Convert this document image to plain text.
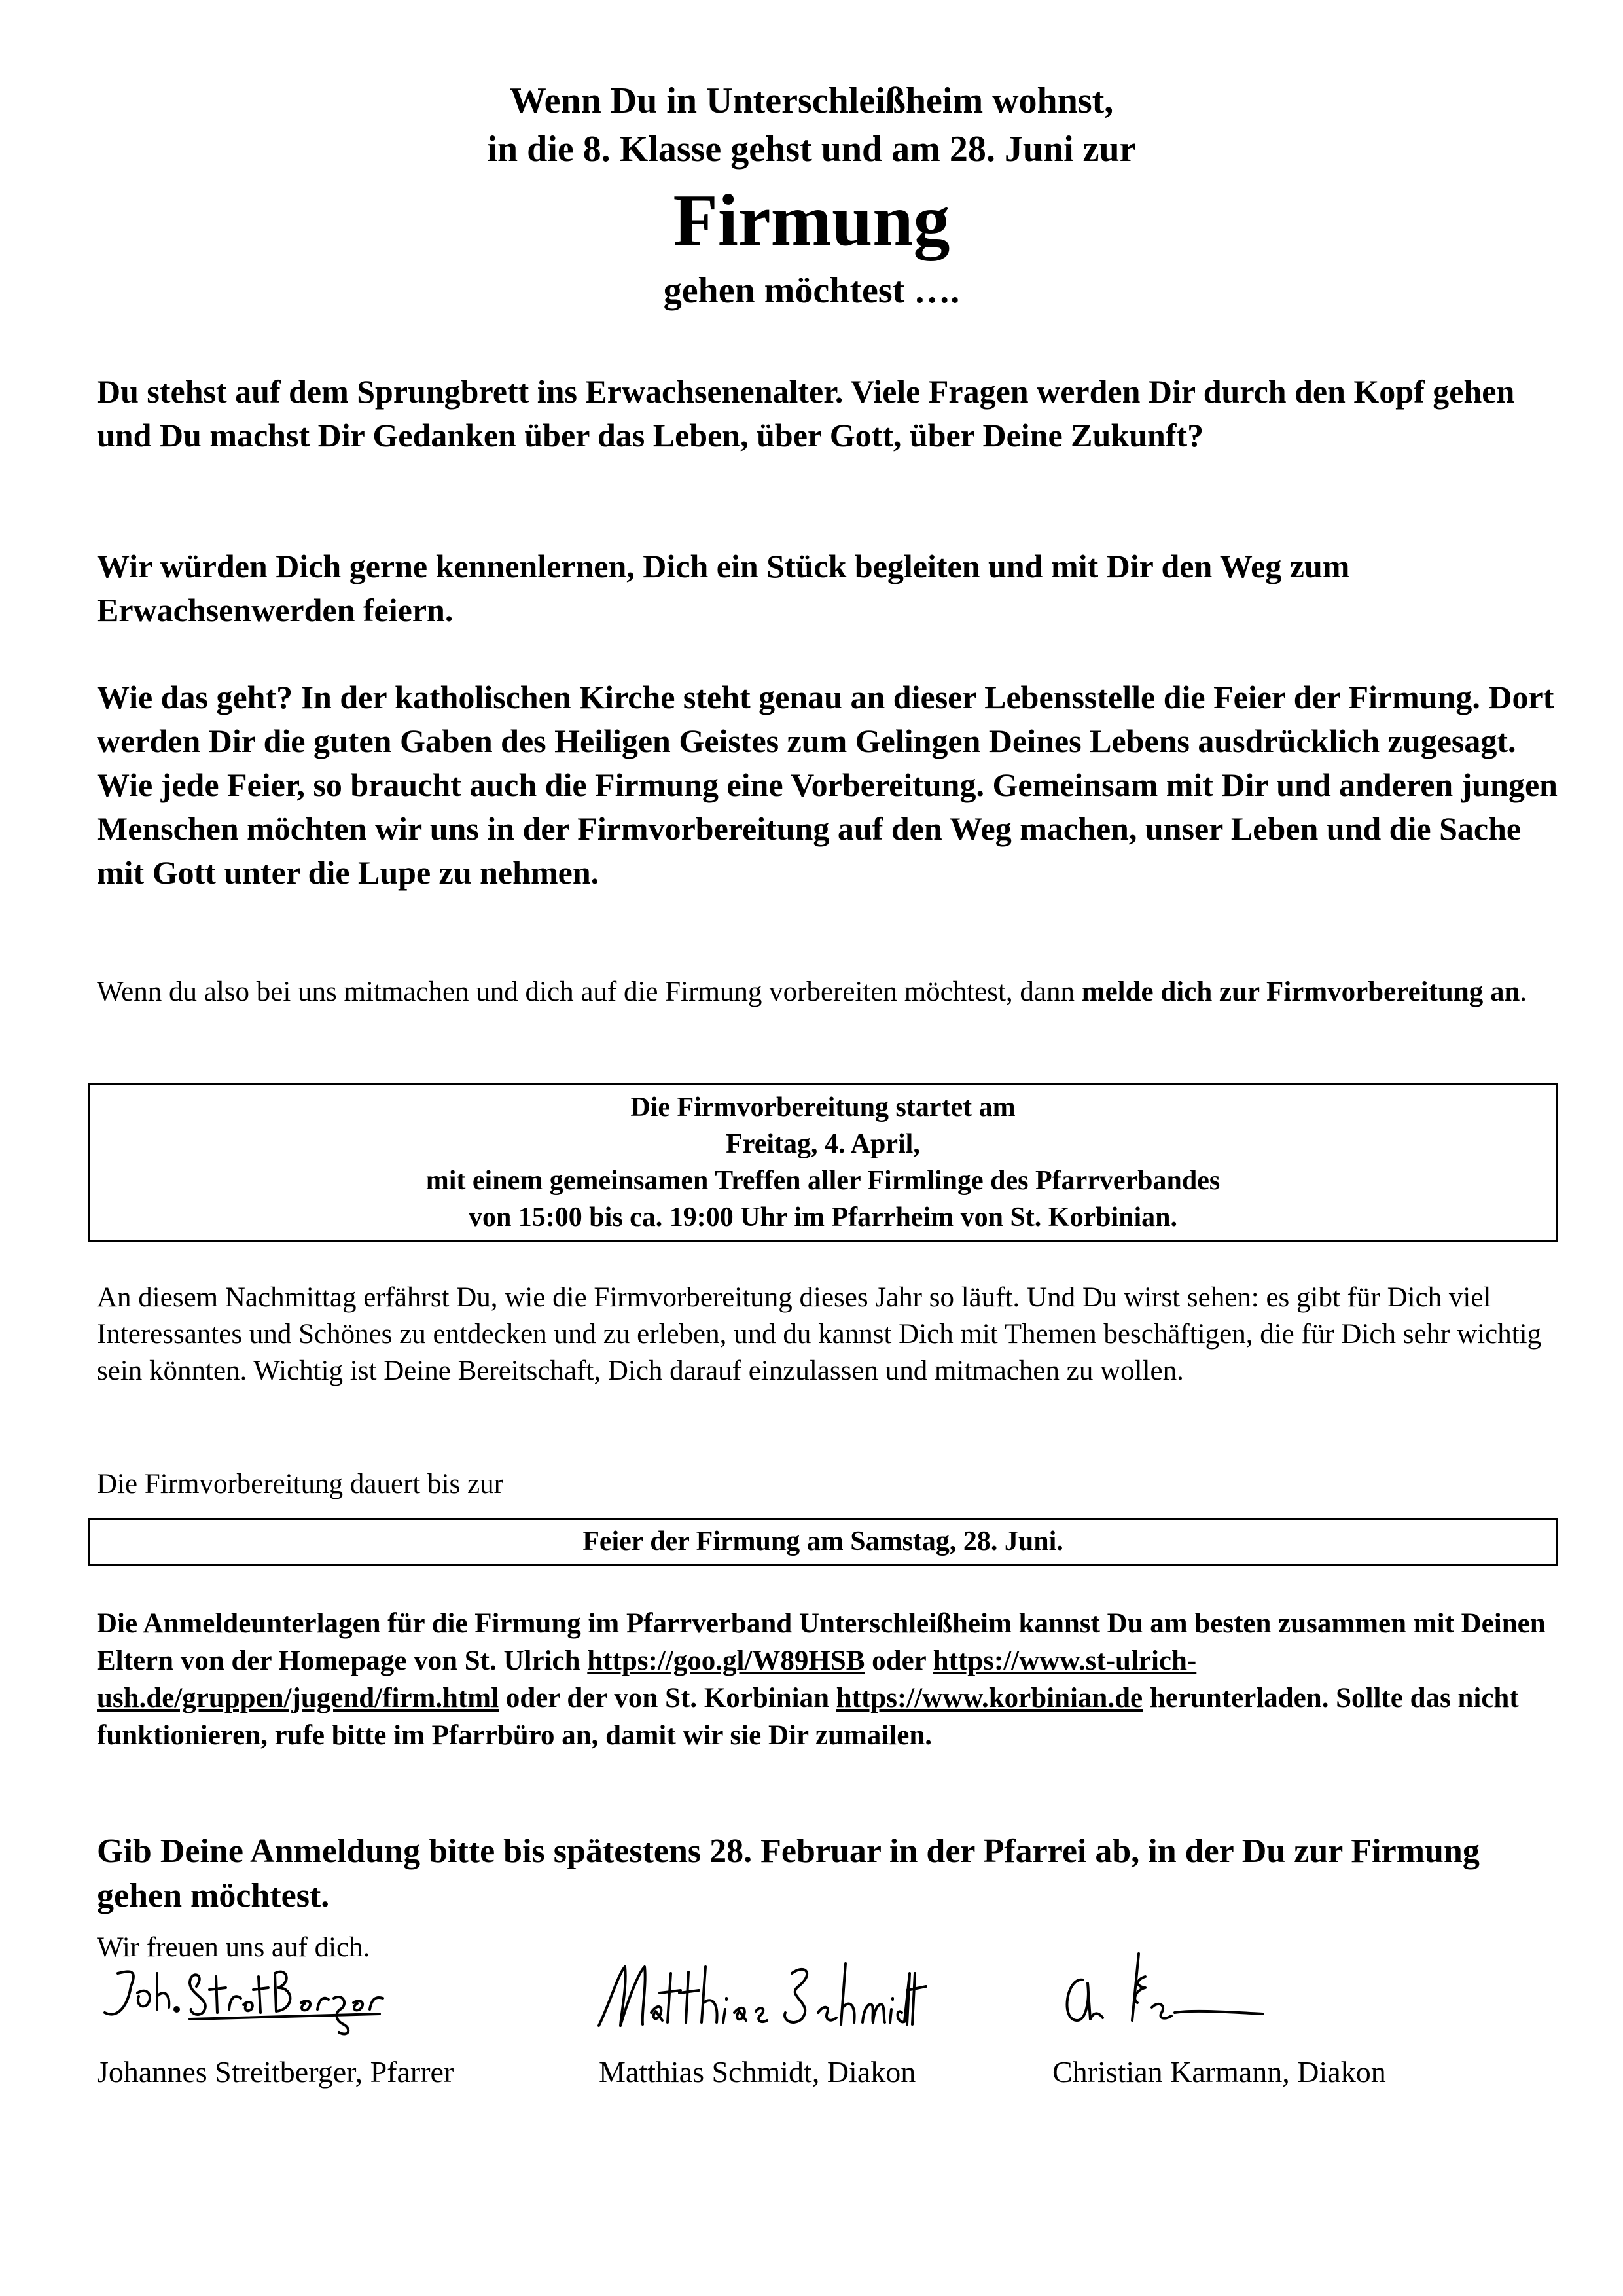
Wenn Du in Unterschleißheim wohnst,
in die 8. Klasse gehst und am 28. Juni zur
Firmung
gehen möchtest ….

Du stehst auf dem Sprungbrett ins Erwachsenenalter. Viele Fragen werden Dir durch den Kopf gehen und Du machst Dir Gedanken über das Leben, über Gott, über Deine Zukunft?

Wir würden Dich gerne kennenlernen, Dich ein Stück begleiten und mit Dir den Weg zum Erwachsenwerden feiern.

Wie das geht? In der katholischen Kirche steht genau an dieser Lebensstelle die Feier der Firmung. Dort werden Dir die guten Gaben des Heiligen Geistes zum Gelingen Deines Lebens ausdrücklich zugesagt.

Wie jede Feier, so braucht auch die Firmung eine Vorbereitung. Gemeinsam mit Dir und anderen jungen Menschen möchten wir uns in der Firmvorbereitung auf den Weg machen, unser Leben und die Sache mit Gott unter die Lupe zu nehmen.

Wenn du also bei uns mitmachen und dich auf die Firmung vorbereiten möchtest, dann melde dich zur Firmvorbereitung an.

Die Firmvorbereitung startet am
Freitag, 4. April,
mit einem gemeinsamen Treffen aller Firmlinge des Pfarrverbandes
von 15:00 bis ca. 19:00 Uhr im Pfarrheim von St. Korbinian.

An diesem Nachmittag erfährst Du, wie die Firmvorbereitung dieses Jahr so läuft. Und Du wirst sehen: es gibt für Dich viel Interessantes und Schönes zu entdecken und zu erleben, und du kannst Dich mit Themen beschäftigen, die für Dich sehr wichtig sein könnten. Wichtig ist Deine Bereitschaft, Dich darauf einzulassen und mitmachen zu wollen.

Die Firmvorbereitung dauert bis zur

Feier der Firmung am Samstag, 28. Juni.

Die Anmeldeunterlagen für die Firmung im Pfarrverband Unterschleißheim kannst Du am besten zusammen mit Deinen Eltern von der Homepage von St. Ulrich https://goo.gl/W89HSB oder https://www.st-ulrich-ush.de/gruppen/jugend/firm.html oder der von St. Korbinian https://www.korbinian.de herunterladen. Sollte das nicht funktionieren, rufe bitte im Pfarrbüro an, damit wir sie Dir zumailen.

Gib Deine Anmeldung bitte bis spätestens 28. Februar in der Pfarrei ab, in der Du zur Firmung gehen möchtest.

Wir freuen uns auf dich.

Johannes Streitberger, Pfarrer	Matthias Schmidt, Diakon	Christian Karmann, Diakon
